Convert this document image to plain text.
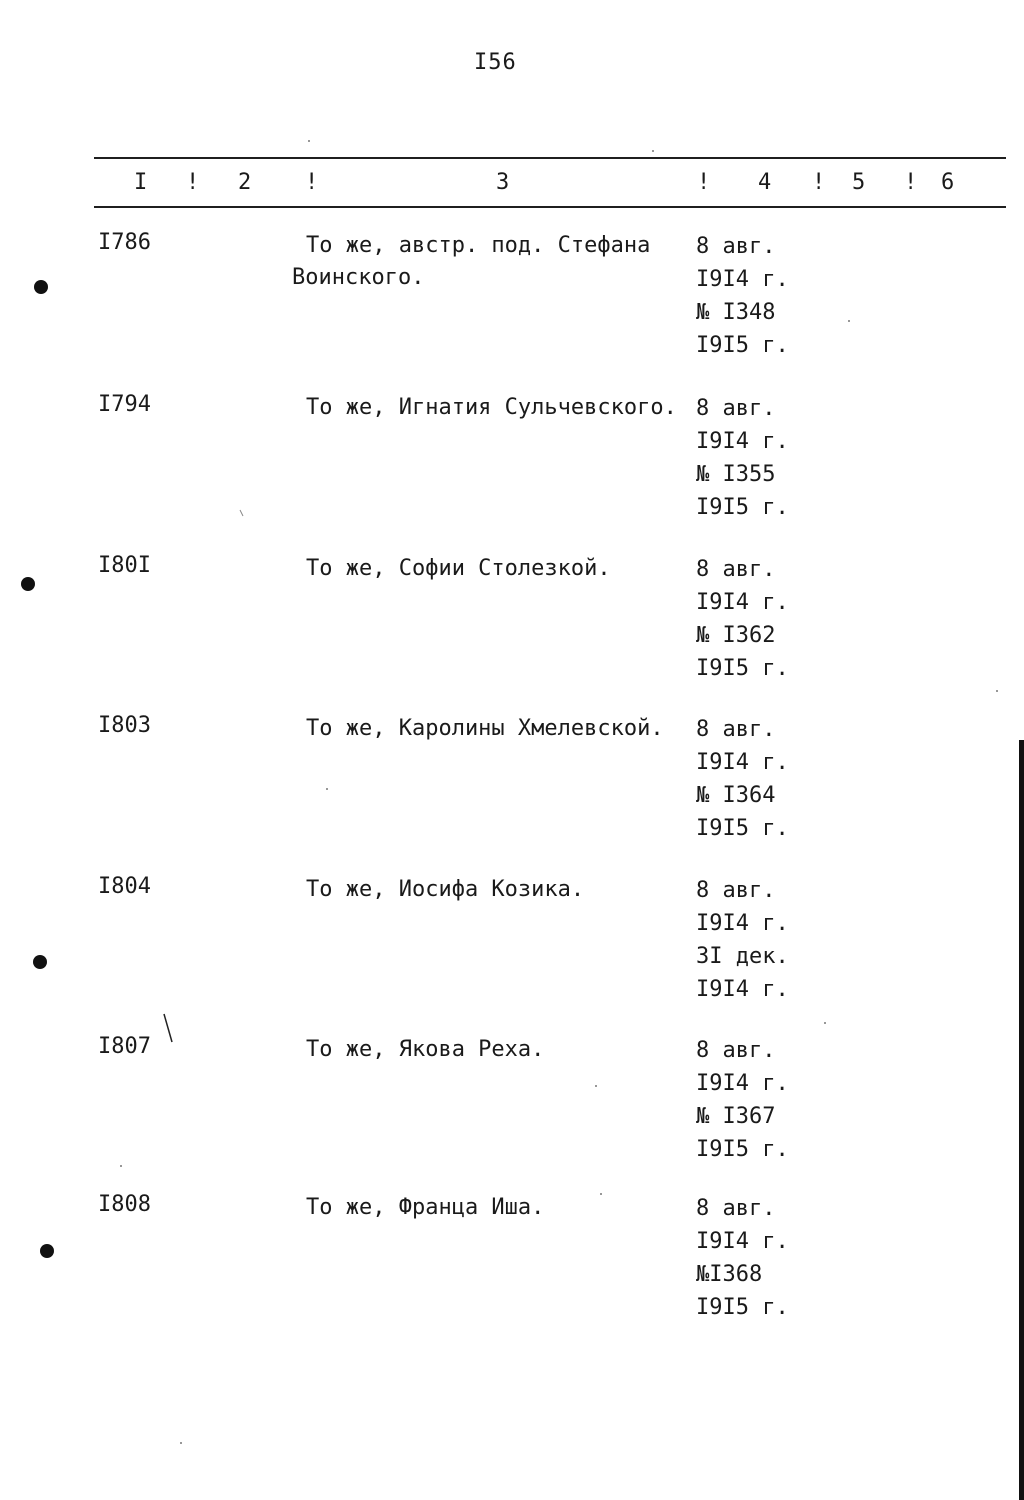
I56
I ! 2 !	3	! 4 ! 5 ! 6
I786	То же, австр. под. Стефана Воинского.
8 авг.
I9I4 г.
№ I348
I9I5 г.
I794	То же, Игнатия Сульчевского. 8 авг.
I9I4 г.
№ I355
I9I5 г.
I80I	То же, Софии Столезкой.	8 авг.
I9I4 г.
№ I362
I9I5 г.
I803	То же, Каролины Хмелевской.	8 авг.
I9I4 г.
№ I364
I9I5 г.
I804	То же, Иосифа Козика.	8 авг.
I9I4 г.
3I дек.
I9I4 г.
I807	То же, Якова Реха.	8 авг.
I9I4 г.
№ I367
I9I5 г.
I808	То же, Франца Иша.	8 авг.
I9I4 г.
№I368
I9I5 г.
